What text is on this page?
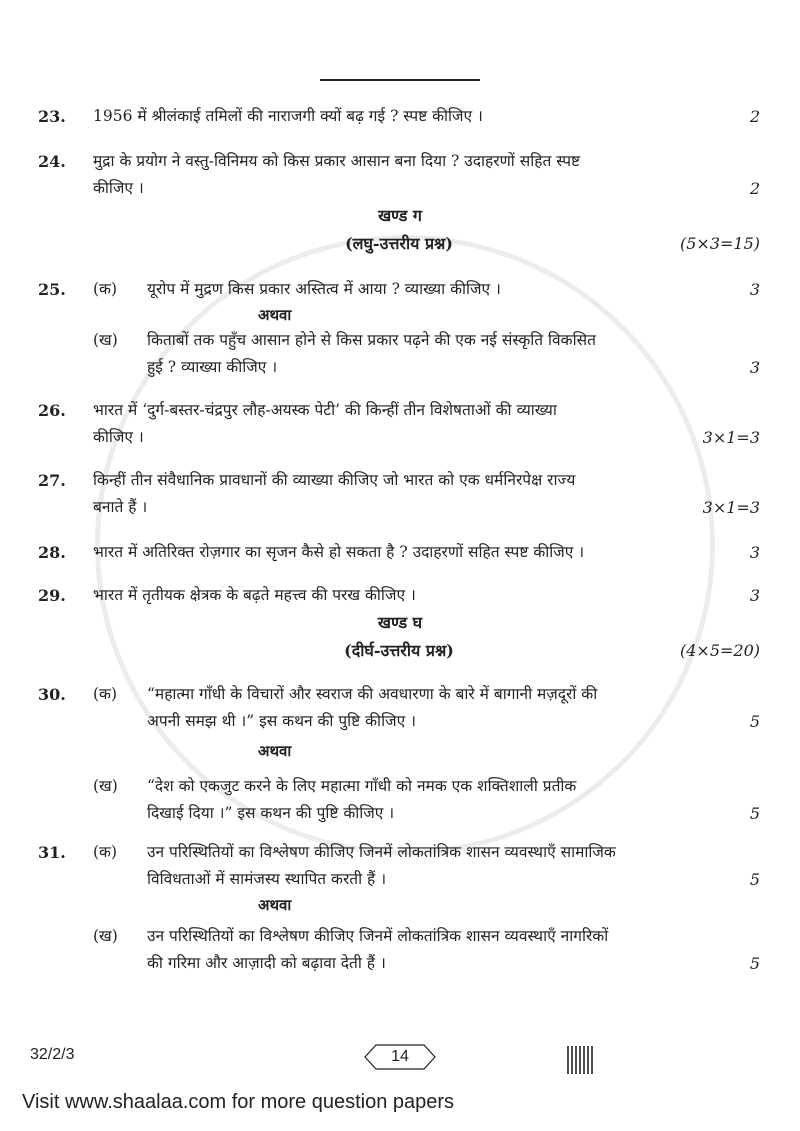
23.	1956 में श्रीलंकाई तमिलों की नाराजगी क्यों बढ़ गई ? स्पष्ट कीजिए ।	2
24.	मुद्रा के प्रयोग ने वस्तु-विनिमय को किस प्रकार आसान बना दिया ? उदाहरणों सहित स्पष्ट
कीजिए ।	2
खण्ड ग
(लघु-उत्तरीय प्रश्न)	(5×3=15)
25.	(क)	यूरोप में मुद्रण किस प्रकार अस्तित्व में आया ? व्याख्या कीजिए ।	3
अथवा
(ख)	किताबों तक पहुँच आसान होने से किस प्रकार पढ़ने की एक नई संस्कृति विकसित
हुई ? व्याख्या कीजिए ।	3
26.	भारत में ‘दुर्ग-बस्तर-चंद्रपुर लौह-अयस्क पेटी’ की किन्हीं तीन विशेषताओं की व्याख्या
कीजिए ।	3×1=3
27.	किन्हीं तीन संवैधानिक प्रावधानों की व्याख्या कीजिए जो भारत को एक धर्मनिरपेक्ष राज्य
बनाते हैं ।	3×1=3
28.	भारत में अतिरिक्त रोज़गार का सृजन कैसे हो सकता है ? उदाहरणों सहित स्पष्ट कीजिए ।	3
29.	भारत में तृतीयक क्षेत्रक के बढ़ते महत्त्व की परख कीजिए ।	3
खण्ड घ
(दीर्घ-उत्तरीय प्रश्न)	(4×5=20)
30.	(क)	“महात्मा गाँधी के विचारों और स्वराज की अवधारणा के बारे में बागानी मज़दूरों की
अपनी समझ थी ।” इस कथन की पुष्टि कीजिए ।	5
अथवा
(ख)	“देश को एकजुट करने के लिए महात्मा गाँधी को नमक एक शक्तिशाली प्रतीक
दिखाई दिया ।” इस कथन की पुष्टि कीजिए ।	5
31.	(क)	उन परिस्थितियों का विश्लेषण कीजिए जिनमें लोकतांत्रिक शासन व्यवस्थाएँ सामाजिक
विविधताओं में सामंजस्य स्थापित करती हैं ।	5
अथवा
(ख)	उन परिस्थितियों का विश्लेषण कीजिए जिनमें लोकतांत्रिक शासन व्यवस्थाएँ नागरिकों
की गरिमा और आज़ादी को बढ़ावा देती हैं ।	5
32/2/3	14
Visit www.shaalaa.com for more question papers
